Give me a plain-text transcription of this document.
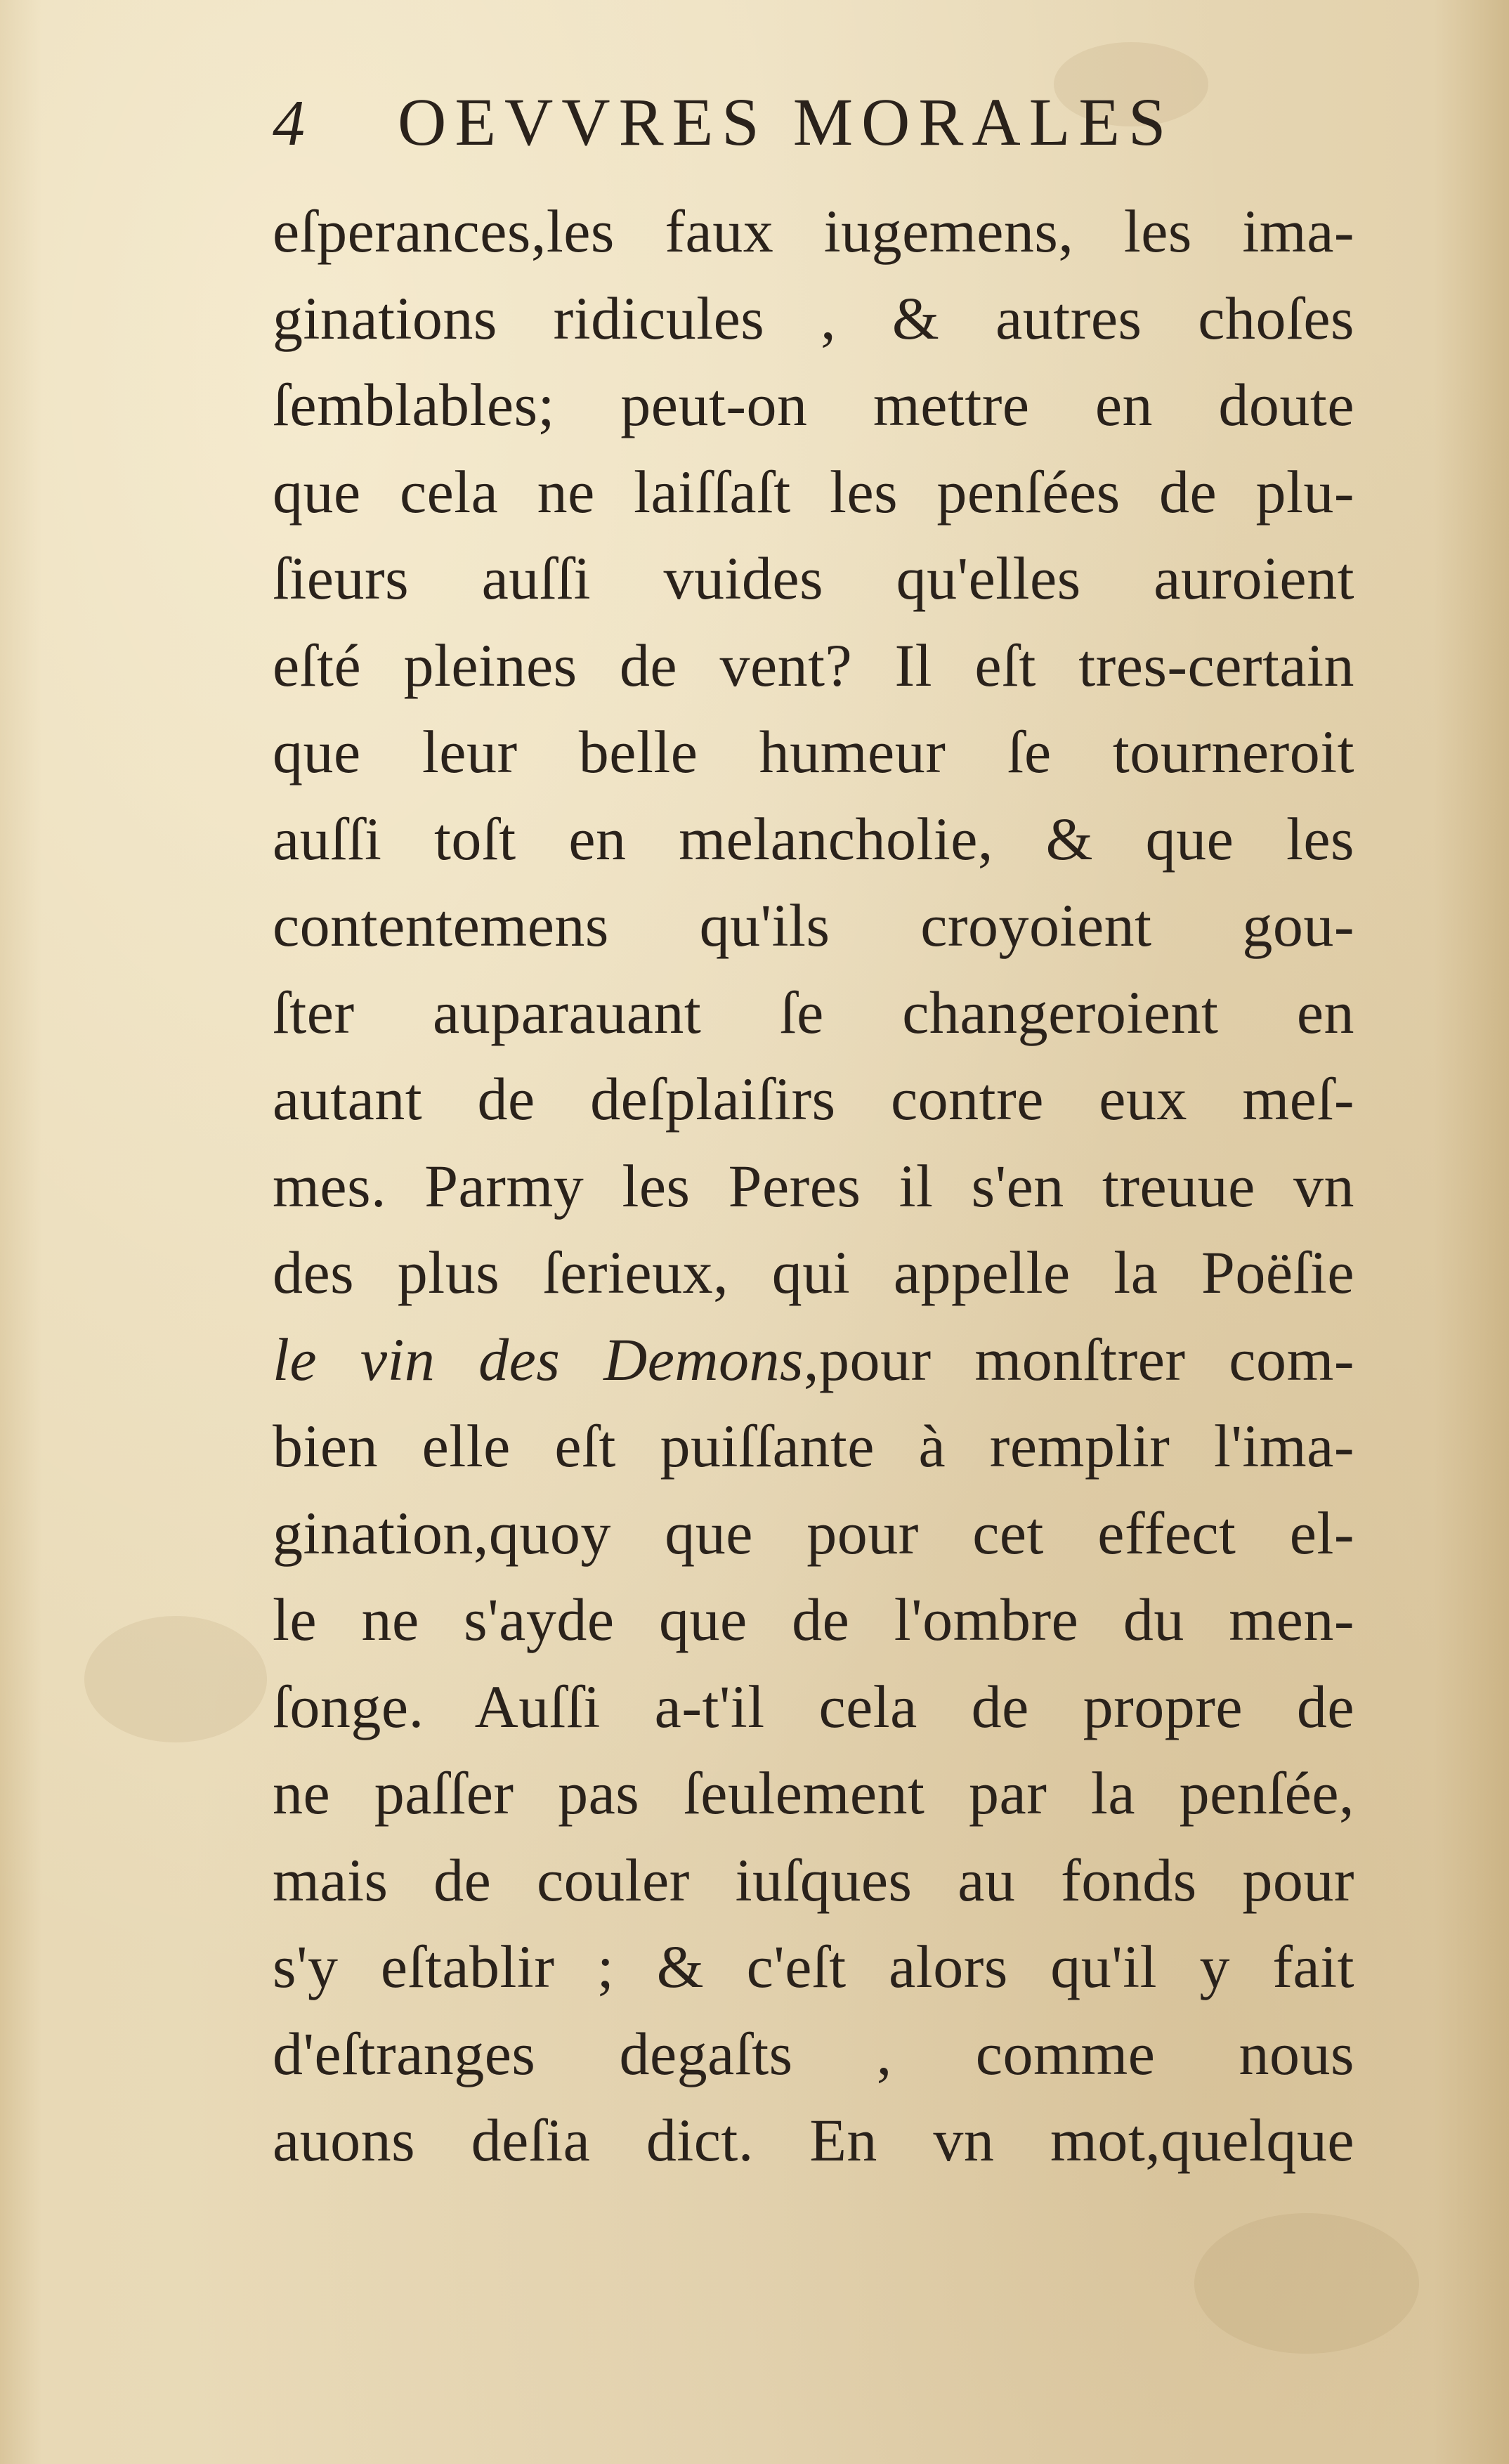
4 OEVVRES MORALES
eſperances,les faux iugemens, les ima-
ginations ridicules , & autres choſes
ſemblables; peut-on mettre en doute
que cela ne laiſſaſt les penſées de plu-
ſieurs auſſi vuides qu'elles auroient
eſté pleines de vent? Il eſt tres-certain
que leur belle humeur ſe tourneroit
auſſi toſt en melancholie, & que les
contentemens qu'ils croyoient gou-
ſter auparauant ſe changeroient en
autant de deſplaiſirs contre eux meſ-
mes. Parmy les Peres il s'en treuue vn
des plus ſerieux, qui appelle la Poëſie
le vin des Demons,pour monſtrer com-
bien elle eſt puiſſante à remplir l'ima-
gination,quoy que pour cet effect el-
le ne s'ayde que de l'ombre du men-
ſonge. Auſſi a-t'il cela de propre de
ne paſſer pas ſeulement par la penſée,
mais de couler iuſques au fonds pour
s'y eſtablir ; & c'eſt alors qu'il y fait
d'eſtranges degaſts , comme nous
auons deſia dict. En vn mot,quelque
